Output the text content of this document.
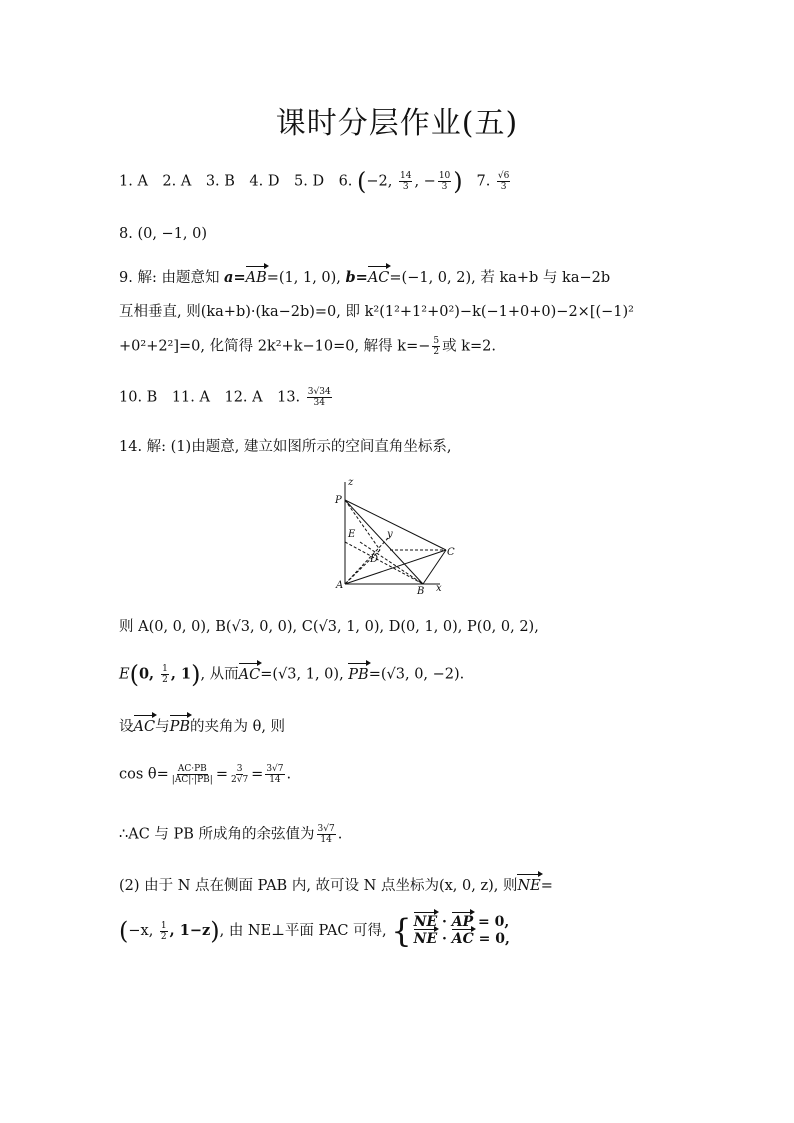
课时分层作业(五)
1. A　2. A　3. B　4. D　5. D　6. (−2, $\frac{14}{3}$ , − $\frac{10}{3}$ ) 7. $\frac{√6}{3}$
8. (0, −1, 0)
9. 解: 由题意知 a=AB=(1, 1, 0), b=AC=(−1, 0, 2), 若 ka+b 与 ka−2b
互相垂直, 则(ka+b)·(ka−2b)=0, 即 k²(1²+1²+0²)−k(−1+0+0)−2×[(−1)²
+0²+2²]=0, 化简得 2k²+k−10=0, 解得 $k=- \frac{5}{2}$ 或 k=2.
10. B　11. A　12. A　13. $\frac{3√34}{34}$
14. 解: (1)由题意, 建立如图所示的空间直角坐标系,
z
P
E	y
D
C
A
B x
则 A(0, 0, 0), B(√3, 0, 0), C(√3, 1, 0), D(0, 1, 0), P(0, 0, 2),
E(0, $\frac{1}{2}$ , 1), 从而AC=(√3, 1, 0), PB=(√3, 0, −2).
设AC与PB的夹角为 θ, 则
$\cos \theta= \frac{AC\cdot PB}{|AC|\cdot|PB|} = \frac{3}{2√7} = \frac{3√7}{14}$ .
∴AC 与 PB 所成角的余弦值为 $\frac{3√7}{14}$ .
(2) 由于 N 点在侧面 PAB 内, 故可设 N 点坐标为(x, 0, z), 则NE=
(−x, $\frac{1}{2}$ , 1−z), 由 NE⊥平面 PAC 可得, { NE · AP = 0,
NE · AC = 0,
